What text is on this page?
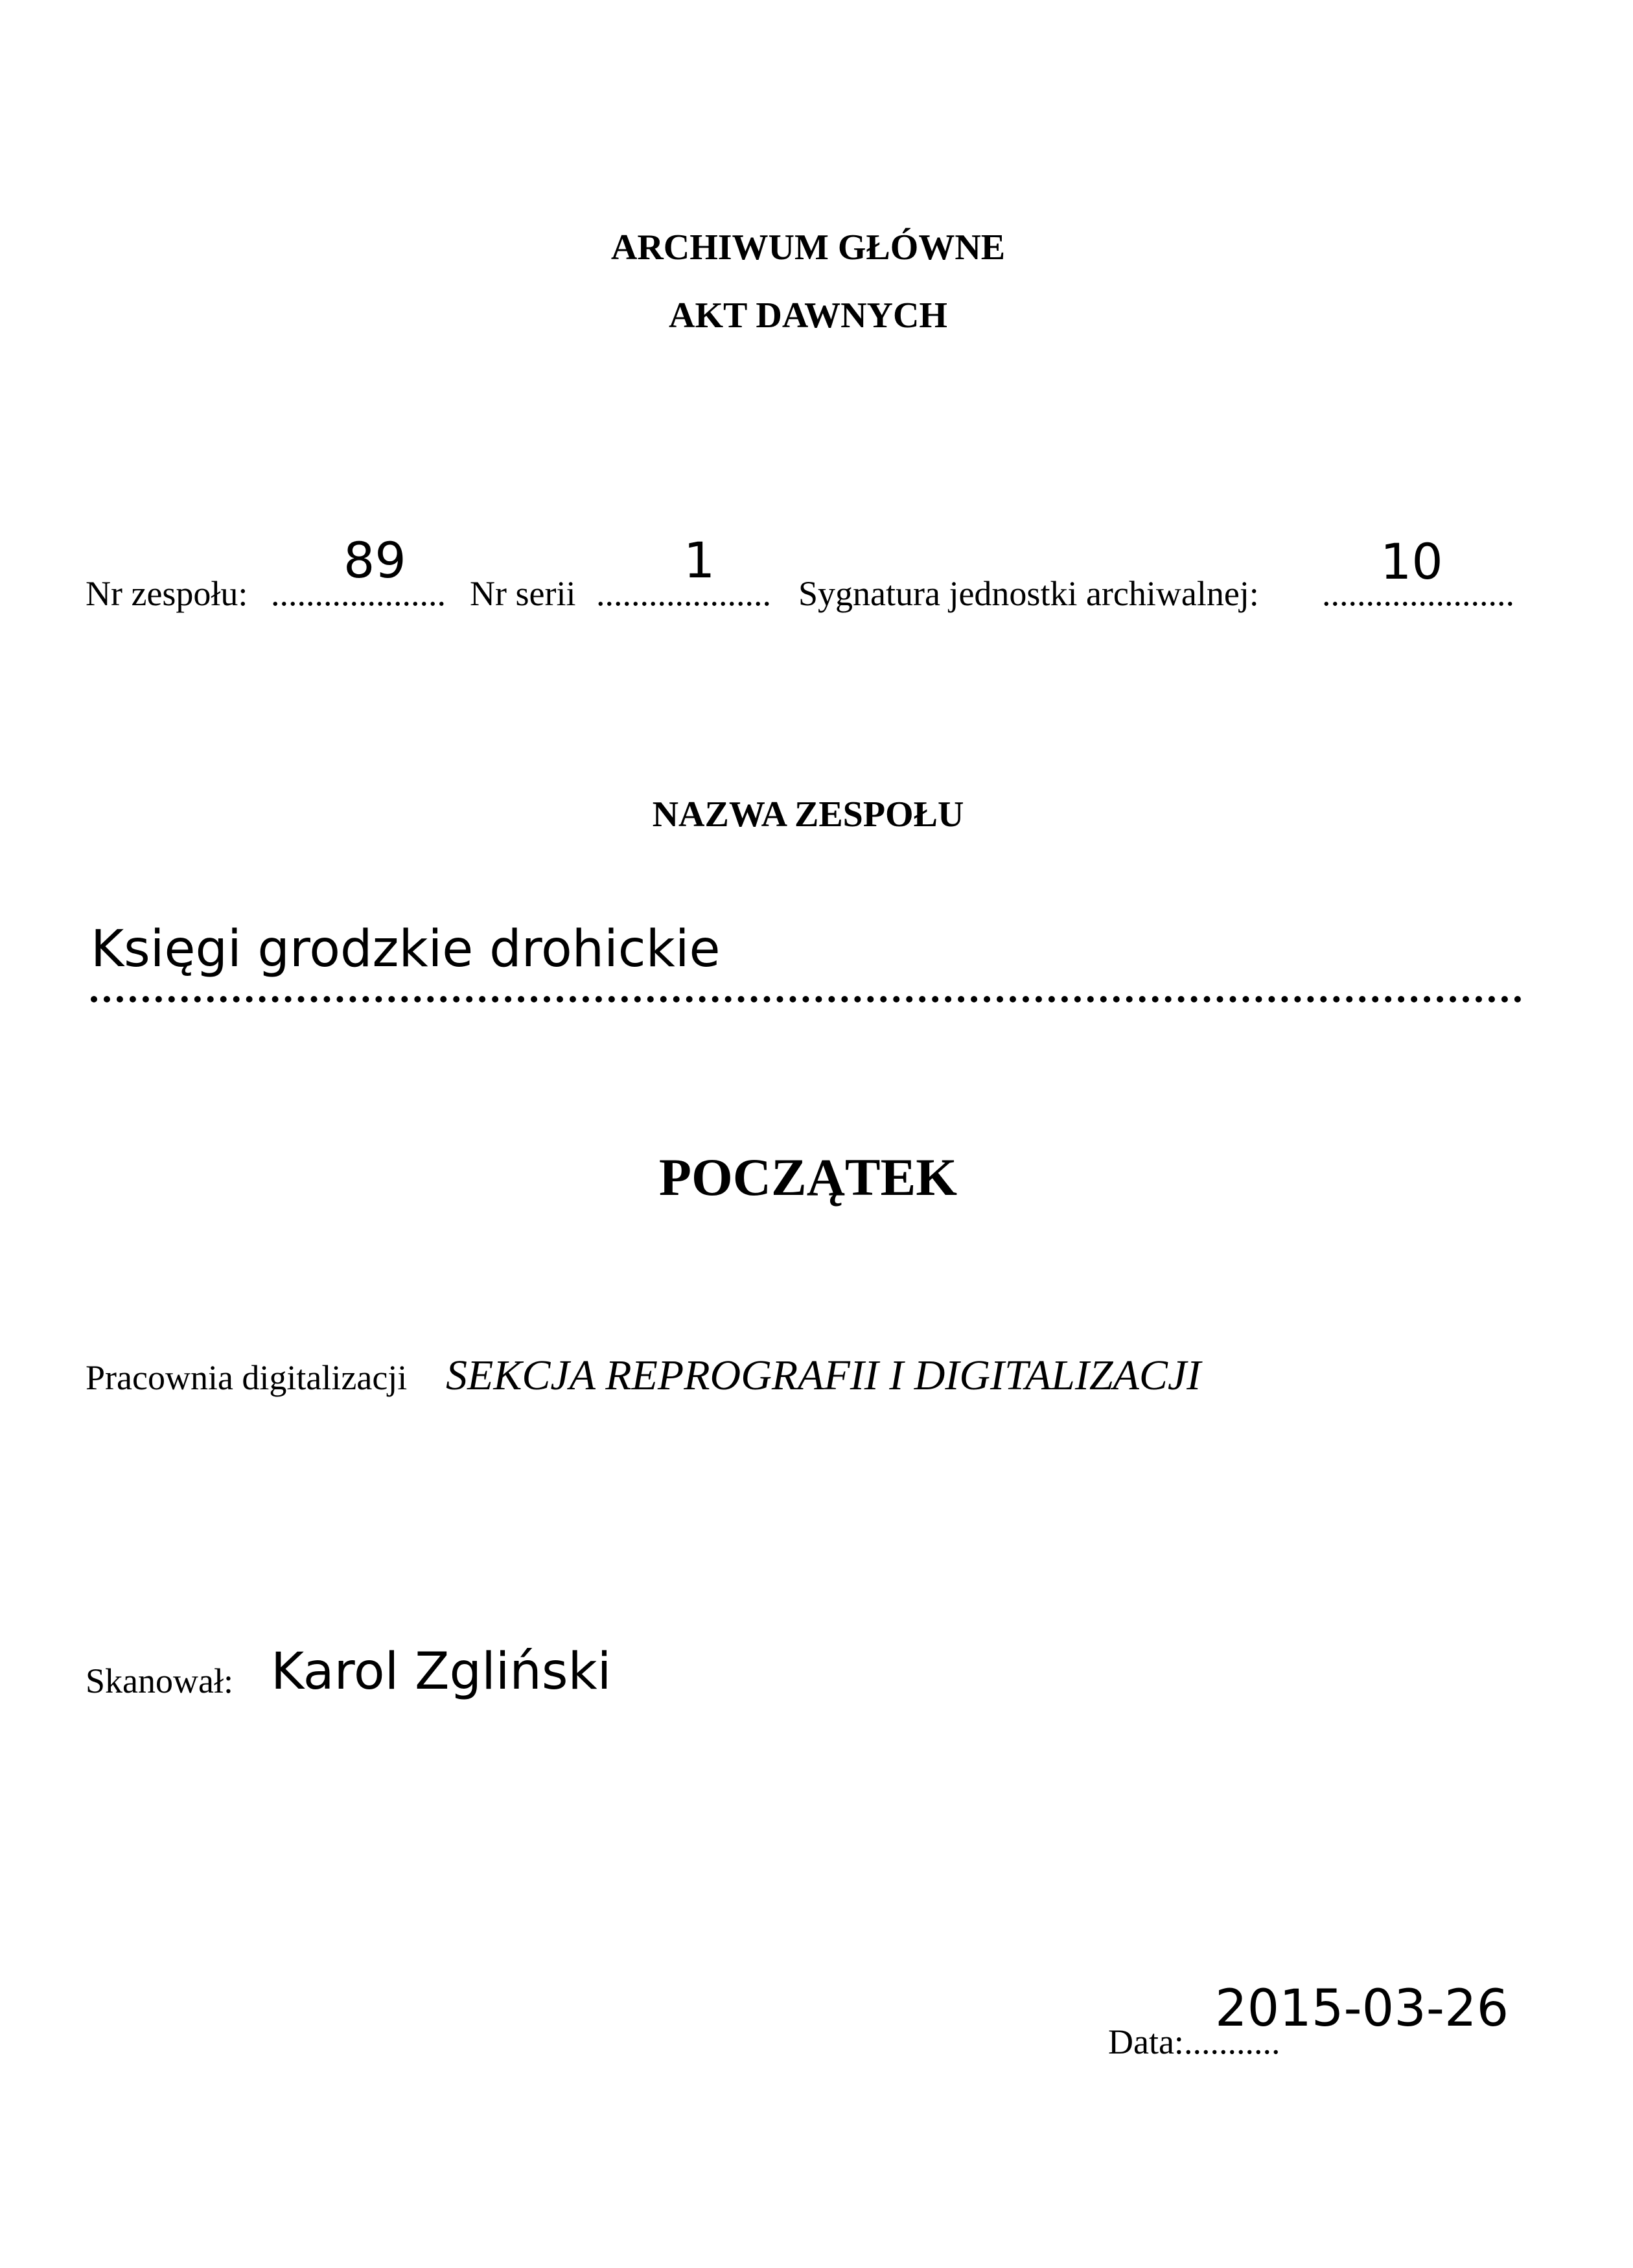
ARCHIWUM GŁÓWNE
AKT DAWNYCH
Nr zespołu: ....................
89
Nr serii ....................
1
Sygnatura jednostki archiwalnej: ......................
10
NAZWA ZESPOŁU
Księgi grodzkie drohickie
POCZĄTEK
Pracownia digitalizacji SEKCJA REPROGRAFII I DIGITALIZACJI
Skanował: Karol Zgliński
Data:...........
2015-03-26
